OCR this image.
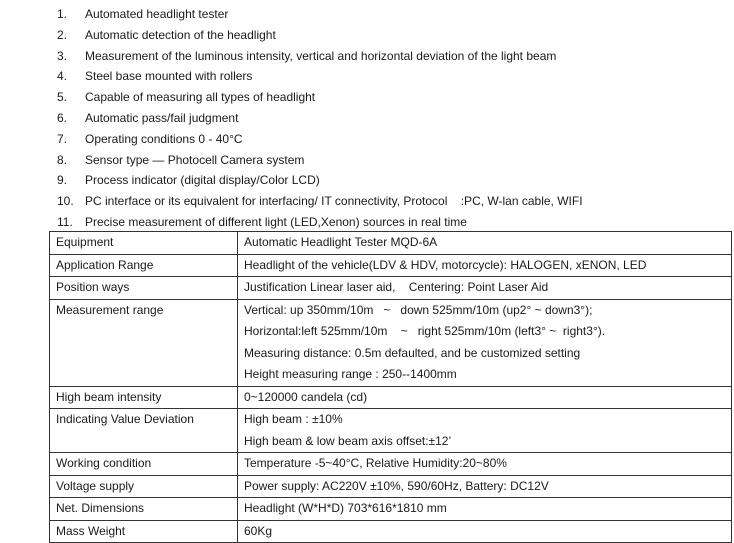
1. Automated headlight tester
2. Automatic detection of the headlight
3. Measurement of the luminous intensity, vertical and horizontal deviation of the light beam
4. Steel base mounted with rollers
5. Capable of measuring all types of headlight
6. Automatic pass/fail judgment
7. Operating conditions 0 - 40°C
8. Sensor type — Photocell Camera system
9. Process indicator (digital display/Color LCD)
10. PC interface or its equivalent for interfacing/ IT connectivity, Protocol    :PC, W-lan cable, WIFI
11. Precise measurement of different light (LED,Xenon) sources in real time
Equipment	Automatic Headlight Tester MQD-6A

Application Range	Headlight of the vehicle(LDV & HDV, motorcycle): HALOGEN, xENON, LED

Position ways	Justification Linear laser aid,    Centering: Point Laser Aid

Measurement range	Vertical: up 350mm/10m   ~   down 525mm/10m (up2° ~ down3°);
Horizontal:left 525mm/10m    ~   right 525mm/10m (left3° ~  right3°).
Measuring distance: 0.5m defaulted, and be customized setting
Height measuring range : 250--1400mm

High beam intensity	0~120000 candela (cd)

Indicating Value Deviation	High beam : ±10%
High beam & low beam axis offset:±12’

Working condition	Temperature -5~40°C, Relative Humidity:20~80%

Voltage supply	Power supply: AC220V ±10%, 590/60Hz, Battery: DC12V

Net. Dimensions	Headlight (W*H*D) 703*616*1810 mm

Mass Weight	60Kg
